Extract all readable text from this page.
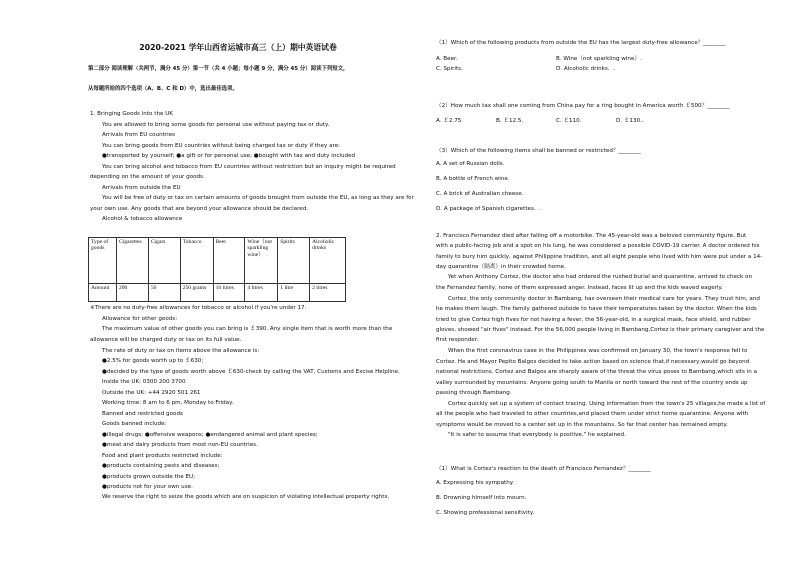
2020-2021 学年山西省运城市高三（上）期中英语试卷
第二部分 阅读理解（共两节，满分 45 分）第一节（共 4 小题；每小题 9 分，满分 45 分）阅读下列短文，
从每题所给的四个选项（A、B、C 和 D）中，选出最佳选项。
1. Bringing Goods into the UK
You are allowed to bring some goods for personal use without paying tax or duty.
Arrivals from EU countries
You can bring goods from EU countries without being charged tax or duty if they are:
●transported by yourself; ●a gift or for personal use; ●bought with tax and duty included
You can bring alcohol and tobacco from EU countries without restriction but an inquiry might be required
depending on the amount of your goods.
Arrivals from outside the EU
You will be free of duty or tax on certain amounts of goods brought from outside the EU, as long as they are for
your own use. Any goods that are beyond your allowance should be declared.
Alcohol & tobacco allowance
Type of goods	Cigarettes	Cigars	Tobacco	Beer	Wine（not sparkling wine）	Spirits	Alcoholic drinks
Amount	200	50	250 grams	16 litres	4 litres	1 litre	2 litres
※There are no duty-free allowances for tobacco or alcohol if you're under 17.
Allowance for other goods:
The maximum value of other goods you can bring is ￡390. Any single item that is worth more than the
allowance will be charged duty or tax on its full value.
The rate of duty or tax on items above the allowance is:
●2.5% for goods worth up to ￡630;
●decided by the type of goods worth above ￡630-check by calling the VAT, Customs and Excise Helpline.
Inside the UK: 0300 200 3700
Outside the UK: +44 2920 501 261
Working time: 8 am to 6 pm, Monday to Friday.
Banned and restricted goods
Goods banned include:
●illegal drugs; ●offensive weapons; ●endangered animal and plant species;
●meat and dairy products from most non-EU countries.
Food and plant products restricted include:
●products containing pests and diseases;
●products grown outside the EU;
●products not for your own use.
We reserve the right to seize the goods which are on suspicion of violating intellectual property rights.
（1）Which of the following products from outside the EU has the largest duty-free allowance？________
A. Beer.	B. Wine（not sparkling wine）.
C. Spirits.	D. Alcoholic drinks．.
（2）How much tax shall one coming from China pay for a ring bought in America worth ￡500？________
A. ￡2.75.	B. ￡12.5.	C. ￡110.	D. ￡130..
（3）Which of the following items shall be banned or restricted？________
A. A set of Russian dolls.
B. A bottle of French wine.
C. A brick of Australian cheese.
D. A package of Spanish cigarettes．.
2. Francisco Fernandez died after falling off a motorbike. The 45-year-old was a beloved community figure. But
with a public-facing job and a spot on his lung, he was considered a possible COVID-19 carrier. A doctor ordered his
family to bury him quickly, against Philippine tradition, and all eight people who lived with him were put under a 14-
day quarantine（隔离）in their crowded home.
Yet when Anthony Cortez, the doctor who had ordered the rushed burial and quarantine, arrived to check on
the Fernandez family, none of them expressed anger. Instead, faces lit up and the kids waved eagerly.
Cortez, the only community doctor in Bambang, has overseen their medical care for years. They trust him, and
he makes them laugh. The family gathered outside to have their temperatures taken by the doctor. When the kids
tried to give Cortez high fives for not having a fever, the 56-year-old, in a surgical mask, face shield, and rubber
gloves, showed "air fives" instead. For the 56,000 people living in Bambang,Cortez is their primary caregiver and the
first responder.
When the first coronavirus case in the Philippines was confirmed on January 30, the town's response fell to
Cortez. He and Mayor Pepito Balgos decided to take action based on science that,if necessary,would go beyond
national restrictions. Cortez and Balgos are sharply aware of the threat the virus poses to Bambang,which sits in a
valley surrounded by mountains. Anyone going south to Manila or north toward the rest of the country ends up
passing through Bambang.
Cortez quickly set up a system of contact tracing. Using information from the town's 25 villages,he made a list of
all the people who had traveled to other countries,and placed them under strict home quarantine. Anyone with
symptoms would be moved to a center set up in the mountains. So far that center has remained empty.
"It is safer to assume that everybody is positive," he explained.
（1）What is Cortez's reaction to the death of Francisco Fernandez？________
A. Expressing his sympathy.
B. Drowning himself into mourn.
C. Showing professional sensitivity.
